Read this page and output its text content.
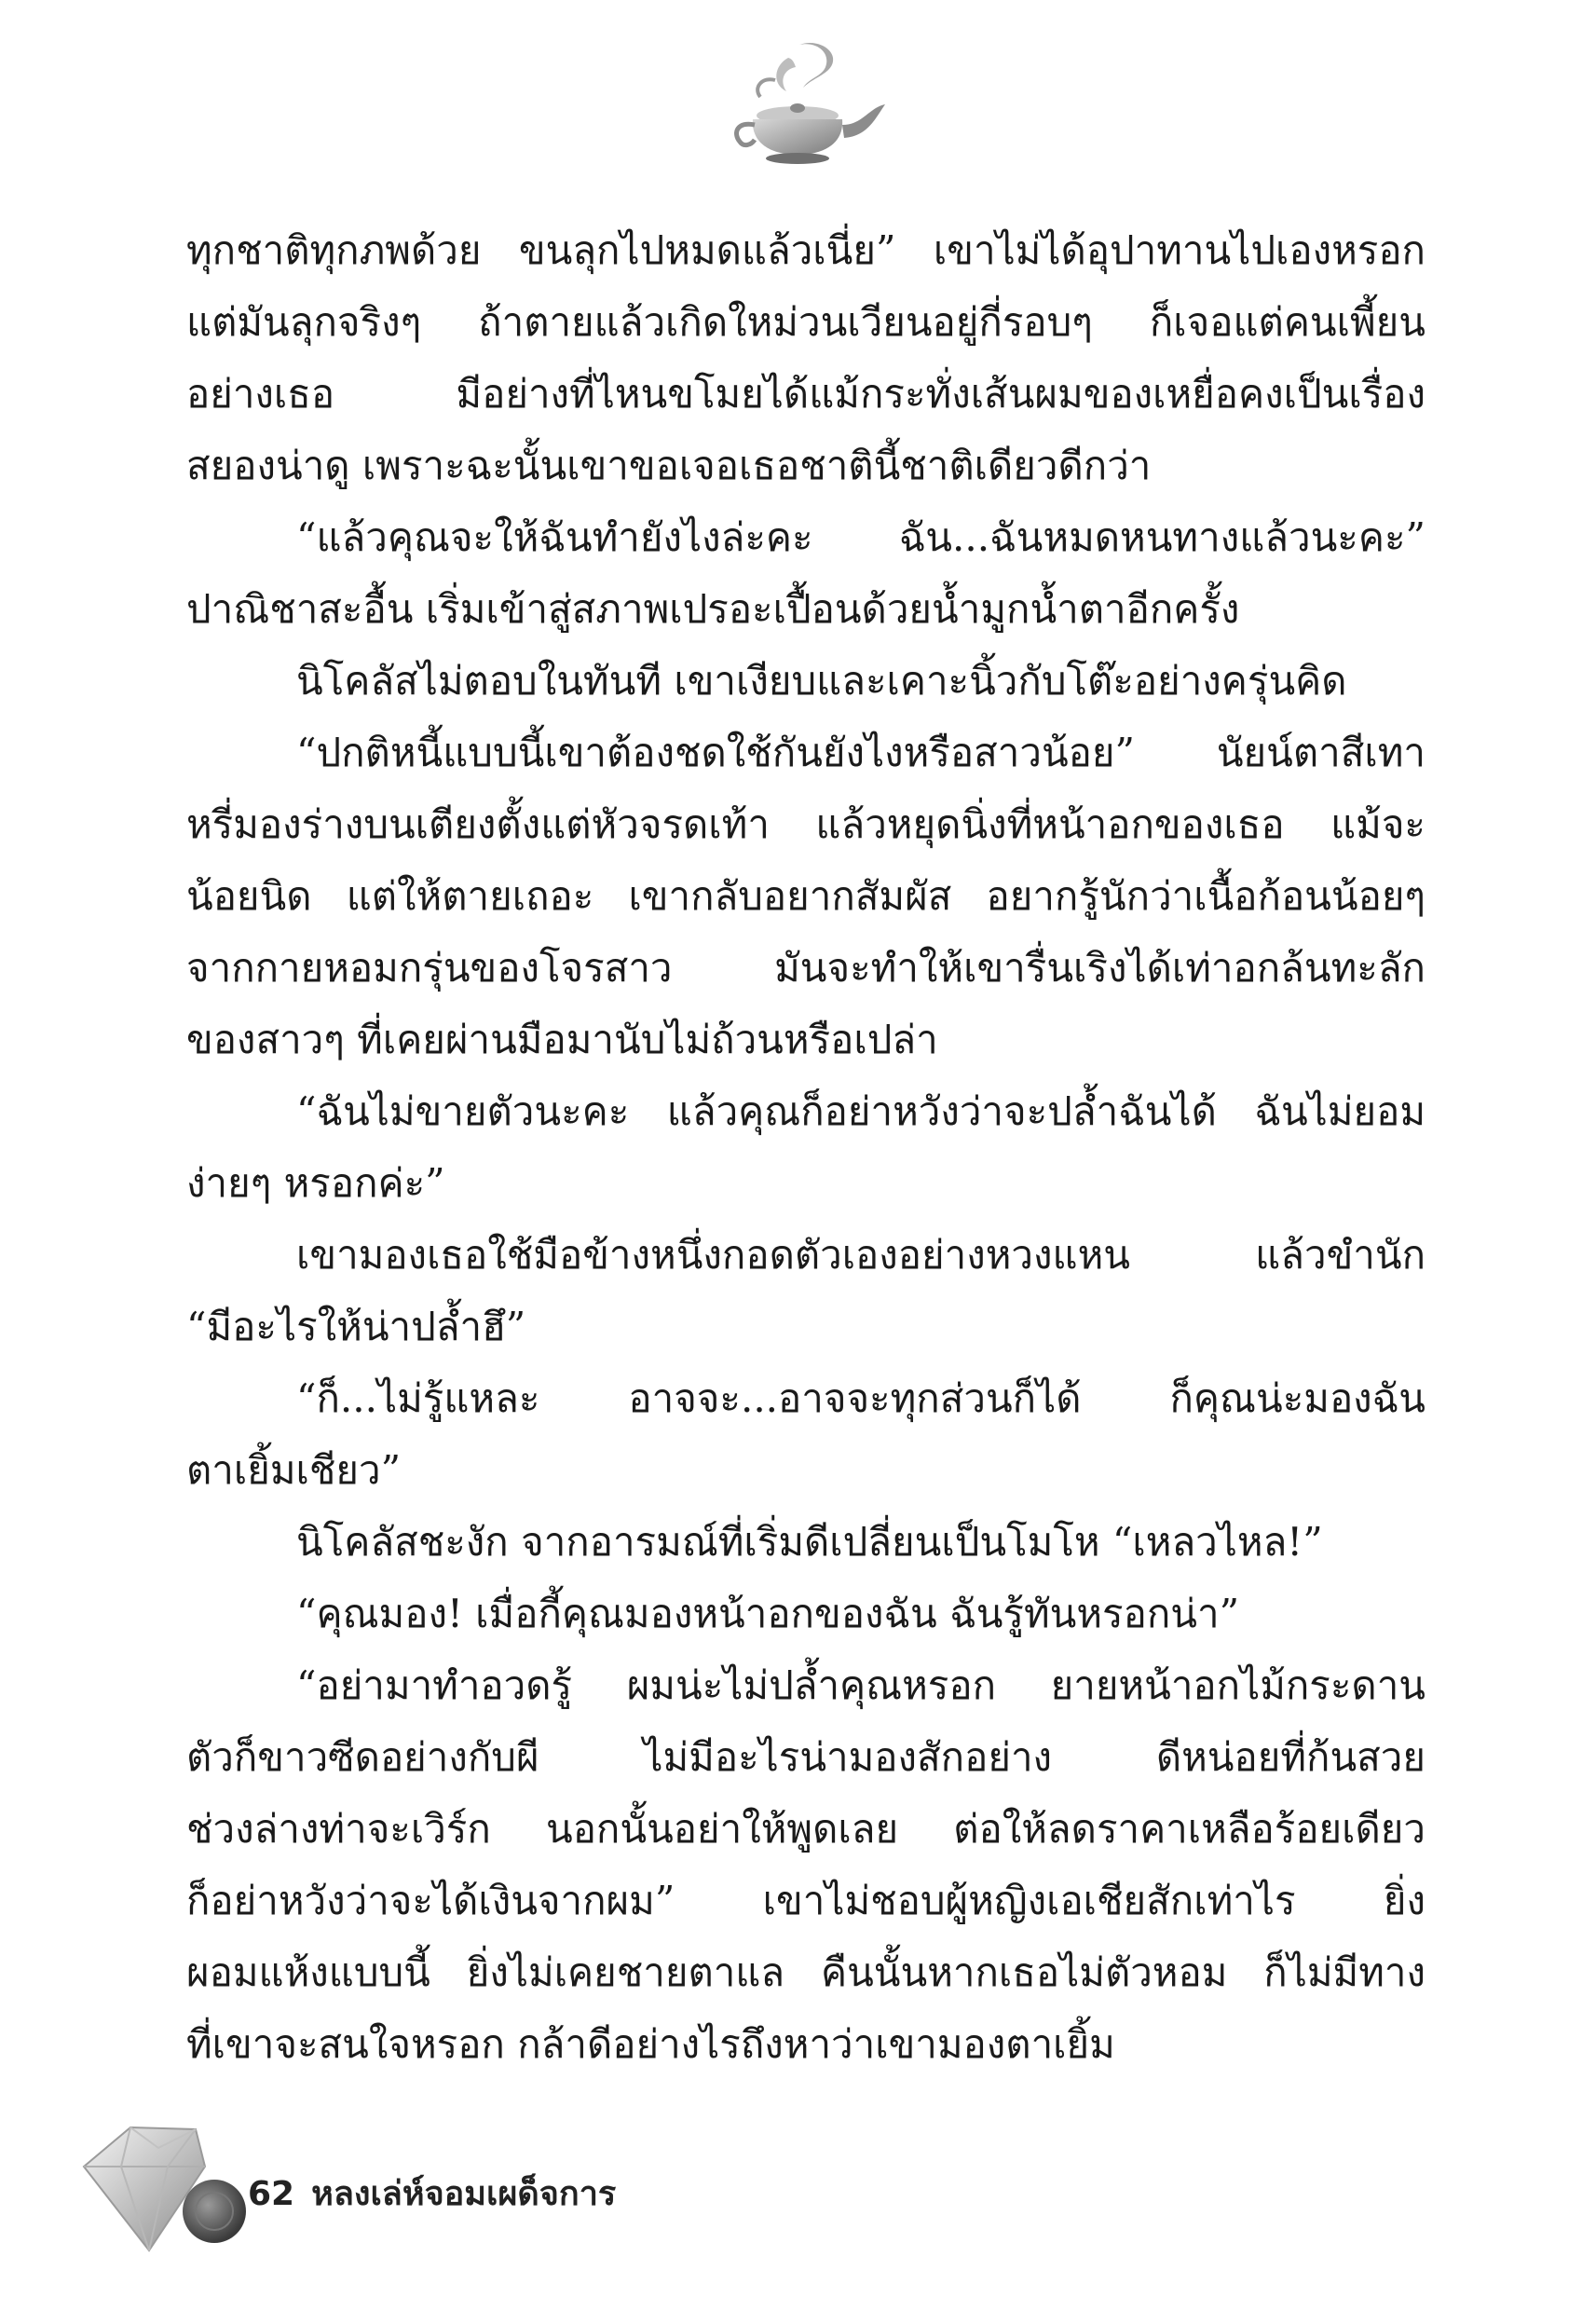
ทุกชาติทุกภพด้วย ขนลุกไปหมดแล้วเนี่ย” เขาไม่ได้อุปาทานไปเองหรอก
แต่มันลุกจริงๆ ถ้าตายแล้วเกิดใหม่วนเวียนอยู่กี่รอบๆ ก็เจอแต่คนเพี้ยน
อย่างเธอ มีอย่างที่ไหนขโมยได้แม้กระทั่งเส้นผมของเหยื่อคงเป็นเรื่อง
สยองน่าดู เพราะฉะนั้นเขาขอเจอเธอชาตินี้ชาติเดียวดีกว่า
“แล้วคุณจะให้ฉันทำยังไงล่ะคะ ฉัน...ฉันหมดหนทางแล้วนะคะ”
ปาณิชาสะอื้น เริ่มเข้าสู่สภาพเปรอะเปื้อนด้วยน้ำมูกน้ำตาอีกครั้ง
นิโคลัสไม่ตอบในทันที เขาเงียบและเคาะนิ้วกับโต๊ะอย่างครุ่นคิด
“ปกติหนี้แบบนี้เขาต้องชดใช้กันยังไงหรือสาวน้อย” นัยน์ตาสีเทา
หรี่มองร่างบนเตียงตั้งแต่หัวจรดเท้า แล้วหยุดนิ่งที่หน้าอกของเธอ แม้จะ
น้อยนิด แต่ให้ตายเถอะ เขากลับอยากสัมผัส อยากรู้นักว่าเนื้อก้อนน้อยๆ
จากกายหอมกรุ่นของโจรสาว มันจะทำให้เขารื่นเริงได้เท่าอกล้นทะลัก
ของสาวๆ ที่เคยผ่านมือมานับไม่ถ้วนหรือเปล่า
“ฉันไม่ขายตัวนะคะ แล้วคุณก็อย่าหวังว่าจะปล้ำฉันได้ ฉันไม่ยอม
ง่ายๆ หรอกค่ะ”
เขามองเธอใช้มือข้างหนึ่งกอดตัวเองอย่างหวงแหน แล้วขำนัก
“มีอะไรให้น่าปล้ำฮึ”
“ก็...ไม่รู้แหละ อาจจะ...อาจจะทุกส่วนก็ได้ ก็คุณน่ะมองฉัน
ตาเยิ้มเชียว”
นิโคลัสชะงัก จากอารมณ์ที่เริ่มดีเปลี่ยนเป็นโมโห “เหลวไหล!”
“คุณมอง! เมื่อกี้คุณมองหน้าอกของฉัน ฉันรู้ทันหรอกน่า”
“อย่ามาทำอวดรู้ ผมน่ะไม่ปล้ำคุณหรอก ยายหน้าอกไม้กระดาน
ตัวก็ขาวซีดอย่างกับผี ไม่มีอะไรน่ามองสักอย่าง ดีหน่อยที่ก้นสวย
ช่วงล่างท่าจะเวิร์ก นอกนั้นอย่าให้พูดเลย ต่อให้ลดราคาเหลือร้อยเดียว
ก็อย่าหวังว่าจะได้เงินจากผม” เขาไม่ชอบผู้หญิงเอเชียสักเท่าไร ยิ่ง
ผอมแห้งแบบนี้ ยิ่งไม่เคยชายตาแล คืนนั้นหากเธอไม่ตัวหอม ก็ไม่มีทาง
ที่เขาจะสนใจหรอก กล้าดีอย่างไรถึงหาว่าเขามองตาเยิ้ม
62 หลงเล่ห์จอมเผด็จการ
